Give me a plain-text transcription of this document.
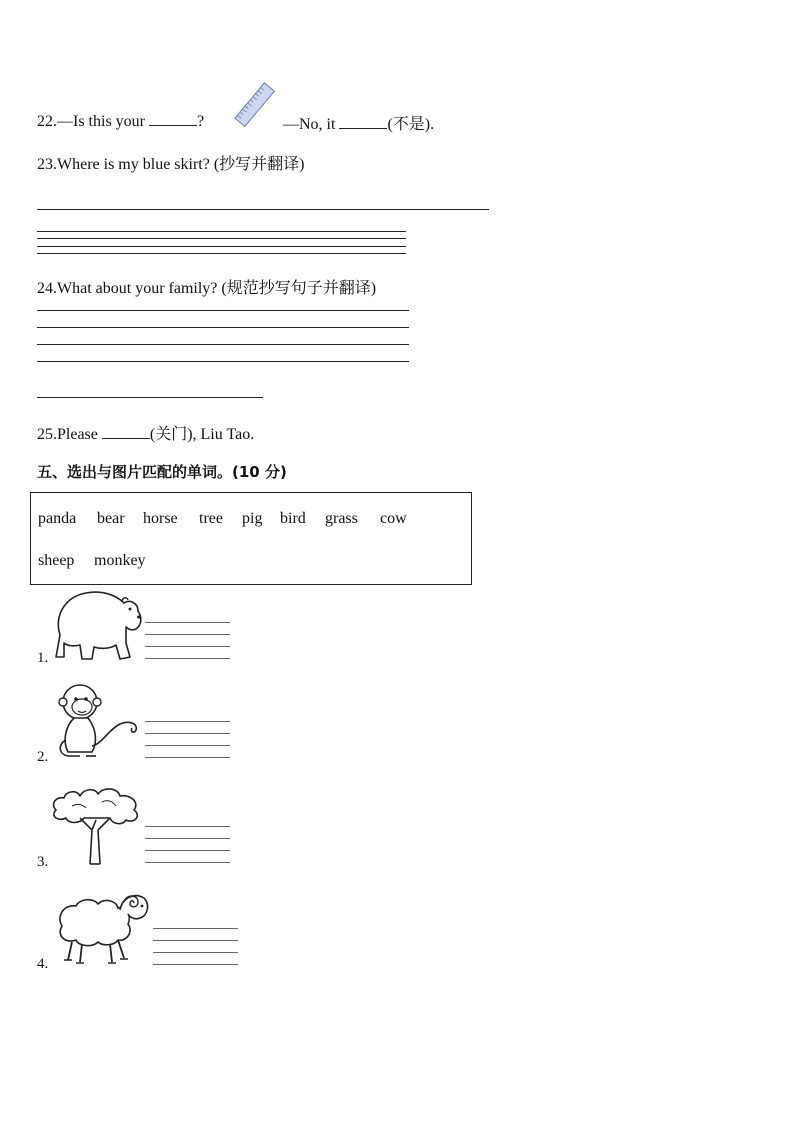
22.—Is this your	?	—No, it	(不是).
23.Where is my blue skirt? (抄写并翻译)
24.What about your family? (规范抄写句子并翻译)
25.Please	(关门), Liu Tao.
五、选出与图片匹配的单词。(10 分)
panda bear horse tree pig bird grass cow
sheep monkey
1.
2.
3.
4.
